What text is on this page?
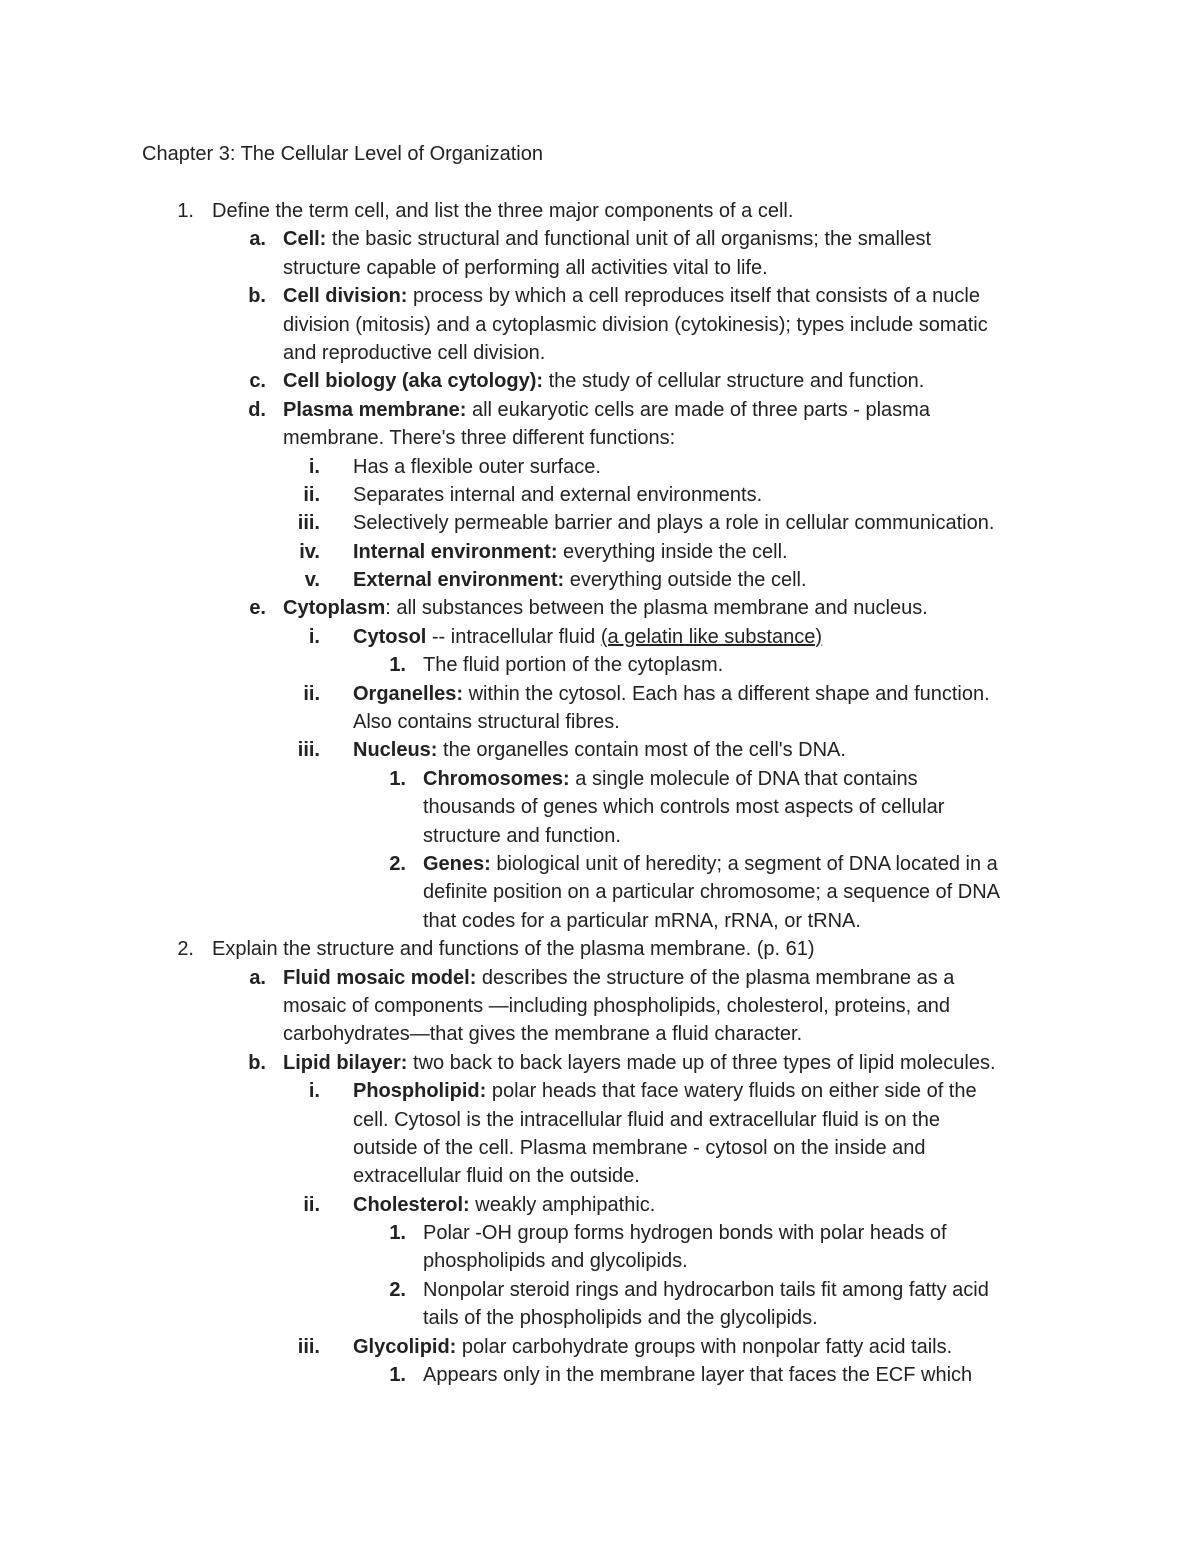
Chapter 3: The Cellular Level of Organization
1. Define the term cell, and list the three major components of a cell.
a. Cell: the basic structural and functional unit of all organisms; the smallest
structure capable of performing all activities vital to life.
b. Cell division: process by which a cell reproduces itself that consists of a nucle
division (mitosis) and a cytoplasmic division (cytokinesis); types include somatic
and reproductive cell division.
c. Cell biology (aka cytology): the study of cellular structure and function.
d. Plasma membrane: all eukaryotic cells are made of three parts - plasma
membrane. There's three different functions:
i. Has a flexible outer surface.
ii. Separates internal and external environments.
iii. Selectively permeable barrier and plays a role in cellular communication.
iv. Internal environment: everything inside the cell.
v. External environment: everything outside the cell.
e. Cytoplasm: all substances between the plasma membrane and nucleus.
i. Cytosol -- intracellular fluid (a gelatin like substance)
1. The fluid portion of the cytoplasm.
ii. Organelles: within the cytosol. Each has a different shape and function.
Also contains structural fibres.
iii. Nucleus: the organelles contain most of the cell's DNA.
1. Chromosomes: a single molecule of DNA that contains
thousands of genes which controls most aspects of cellular
structure and function.
2. Genes: biological unit of heredity; a segment of DNA located in a
definite position on a particular chromosome; a sequence of DNA
that codes for a particular mRNA, rRNA, or tRNA.
2. Explain the structure and functions of the plasma membrane. (p. 61)
a. Fluid mosaic model: describes the structure of the plasma membrane as a
mosaic of components —including phospholipids, cholesterol, proteins, and
carbohydrates—that gives the membrane a fluid character.
b. Lipid bilayer: two back to back layers made up of three types of lipid molecules.
i. Phospholipid: polar heads that face watery fluids on either side of the
cell. Cytosol is the intracellular fluid and extracellular fluid is on the
outside of the cell. Plasma membrane - cytosol on the inside and
extracellular fluid on the outside.
ii. Cholesterol: weakly amphipathic.
1. Polar -OH group forms hydrogen bonds with polar heads of
phospholipids and glycolipids.
2. Nonpolar steroid rings and hydrocarbon tails fit among fatty acid
tails of the phospholipids and the glycolipids.
iii. Glycolipid: polar carbohydrate groups with nonpolar fatty acid tails.
1. Appears only in the membrane layer that faces the ECF which
